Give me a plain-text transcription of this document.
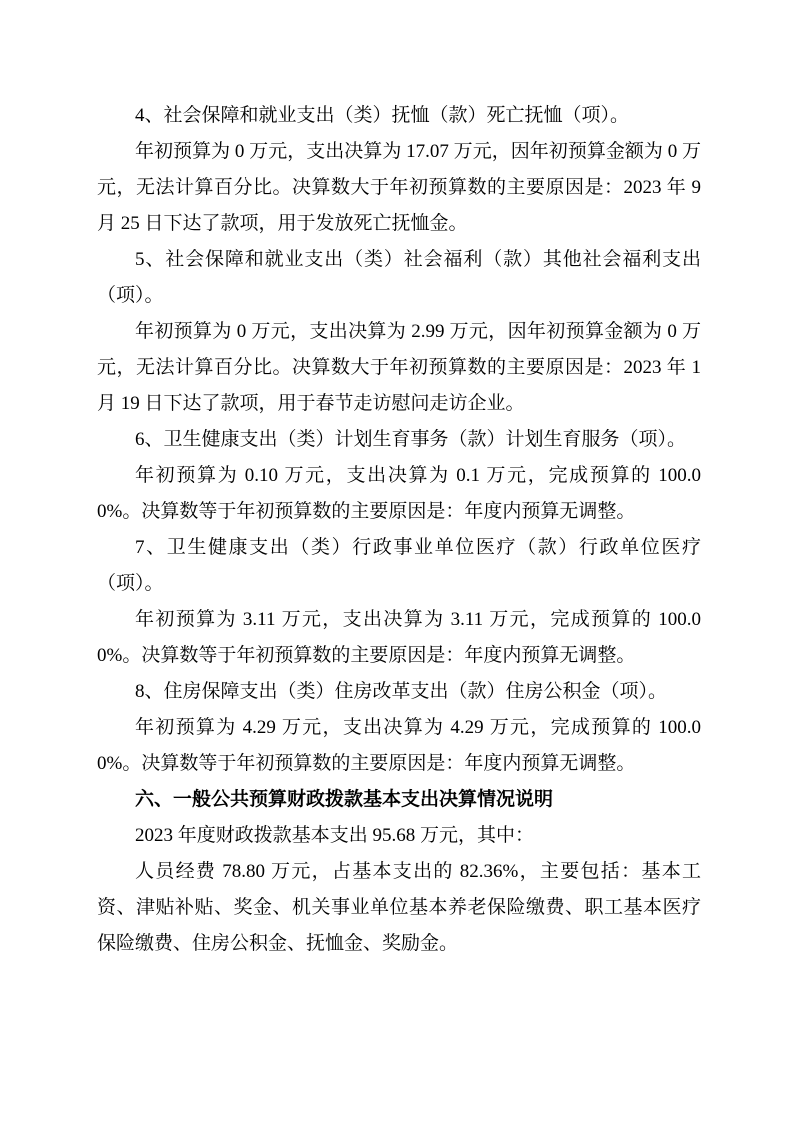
4、社会保障和就业支出（类）抚恤（款）死亡抚恤（项）。

年初预算为 0 万元，支出决算为 17.07 万元，因年初预算金额为 0 万元，无法计算百分比。决算数大于年初预算数的主要原因是：2023 年 9 月 25 日下达了款项，用于发放死亡抚恤金。

5、社会保障和就业支出（类）社会福利（款）其他社会福利支出（项）。

年初预算为 0 万元，支出决算为 2.99 万元，因年初预算金额为 0 万元，无法计算百分比。决算数大于年初预算数的主要原因是：2023 年 1 月 19 日下达了款项，用于春节走访慰问走访企业。

6、卫生健康支出（类）计划生育事务（款）计划生育服务（项）。

年初预算为 0.10 万元，支出决算为 0.1 万元，完成预算的 100.00%。决算数等于年初预算数的主要原因是：年度内预算无调整。

7、卫生健康支出（类）行政事业单位医疗（款）行政单位医疗（项）。

年初预算为 3.11 万元，支出决算为 3.11 万元，完成预算的 100.00%。决算数等于年初预算数的主要原因是：年度内预算无调整。

8、住房保障支出（类）住房改革支出（款）住房公积金（项）。

年初预算为 4.29 万元，支出决算为 4.29 万元，完成预算的 100.00%。决算数等于年初预算数的主要原因是：年度内预算无调整。

六、一般公共预算财政拨款基本支出决算情况说明

2023 年度财政拨款基本支出 95.68 万元，其中：

人员经费 78.80 万元，占基本支出的 82.36%，主要包括：基本工资、津贴补贴、奖金、机关事业单位基本养老保险缴费、职工基本医疗保险缴费、住房公积金、抚恤金、奖励金。
